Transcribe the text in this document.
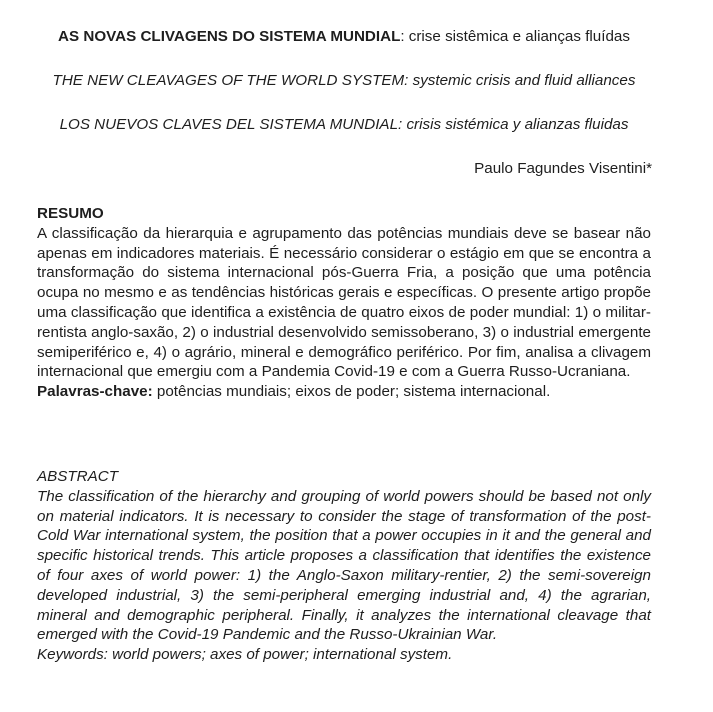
AS NOVAS CLIVAGENS DO SISTEMA MUNDIAL: crise sistêmica e alianças fluídas
THE NEW CLEAVAGES OF THE WORLD SYSTEM: systemic crisis and fluid alliances
LOS NUEVOS CLAVES DEL SISTEMA MUNDIAL: crisis sistémica y alianzas fluidas
Paulo Fagundes Visentini*
RESUMO
A classificação da hierarquia e agrupamento das potências mundiais deve se basear não apenas em indicadores materiais. É necessário considerar o estágio em que se encontra a transformação do sistema internacional pós-Guerra Fria, a posição que uma potência ocupa no mesmo e as tendências históricas gerais e específicas. O presente artigo propõe uma classificação que identifica a existência de quatro eixos de poder mundial: 1) o militar-rentista anglo-saxão, 2) o industrial desenvolvido semissoberano, 3) o industrial emergente semiperiférico e, 4) o agrário, mineral e demográfico periférico. Por fim, analisa a clivagem internacional que emergiu com a Pandemia Covid-19 e com a Guerra Russo-Ucraniana.
Palavras-chave: potências mundiais; eixos de poder; sistema internacional.
ABSTRACT
The classification of the hierarchy and grouping of world powers should be based not only on material indicators. It is necessary to consider the stage of transformation of the post-Cold War international system, the position that a power occupies in it and the general and specific historical trends. This article proposes a classification that identifies the existence of four axes of world power: 1) the Anglo-Saxon military-rentier, 2) the semi-sovereign developed industrial, 3) the semi-peripheral emerging industrial and, 4) the agrarian, mineral and demographic peripheral. Finally, it analyzes the international cleavage that emerged with the Covid-19 Pandemic and the Russo-Ukrainian War.
Keywords: world powers; axes of power; international system.
